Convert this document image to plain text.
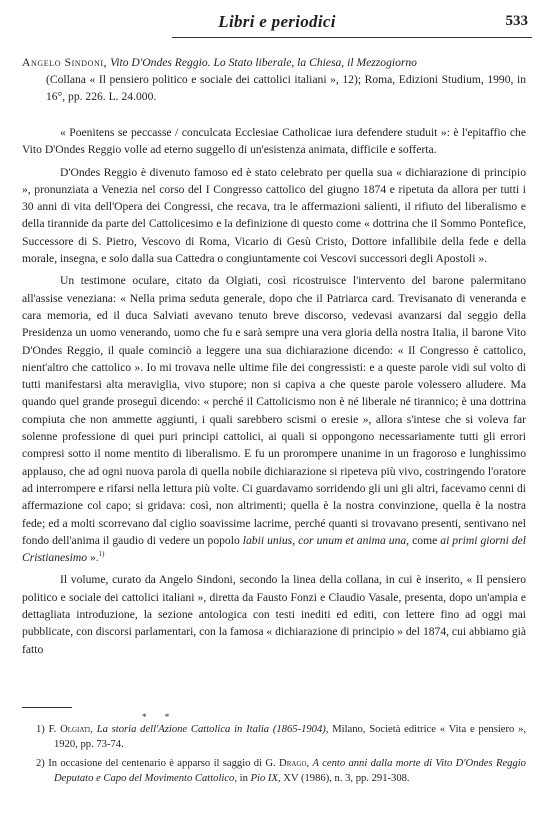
Libri e periodici	533
Angelo Sindoni, Vito D'Ondes Reggio. Lo Stato liberale, la Chiesa, il Mezzogiorno
(Collana « Il pensiero politico e sociale dei cattolici italiani », 12); Roma, Edizioni Studium, 1990, in 16°, pp. 226. L. 24.000.

« Poenitens se peccasse / conculcata Ecclesiae Catholicae iura defendere studuit »: è l'epitaffio che Vito D'Ondes Reggio volle ad eterno suggello di un'esistenza animata, difficile e sofferta.

D'Ondes Reggio è divenuto famoso ed è stato celebrato per quella sua « dichiarazione di principio », pronunziata a Venezia nel corso del I Congresso cattolico del giugno 1874 e ripetuta da allora per tutti i 30 anni di vita dell'Opera dei Congressi, che recava, tra le affermazioni salienti, il rifiuto del liberalismo e della tirannide da parte del Cattolicesimo e la definizione di questo come « dottrina che il Sommo Pontefice, Successore di S. Pietro, Vescovo di Roma, Vicario di Gesù Cristo, Dottore infallibile della fede e della morale, insegna, e solo dalla sua Cattedra o congiuntamente coi Vescovi successori degli Apostoli ».

Un testimone oculare, citato da Olgiati, così ricostruisce l'intervento del barone palermitano all'assise veneziana: « Nella prima seduta generale, dopo che il Patriarca card. Trevisanato di veneranda e cara memoria, ed il duca Salviati avevano tenuto breve discorso, vedevasi avanzarsi dal seggio della Presidenza un uomo venerando, uomo che fu e sarà sempre una vera gloria della nostra Italia, il barone Vito D'Ondes Reggio, il quale cominciò a leggere una sua dichiarazione dicendo: « Il Congresso è cattolico, nient'altro che cattolico ». Io mi trovava nelle ultime file dei congressisti: e a queste parole vidi sul volto di tutti manifestarsi alta meraviglia, vivo stupore; non si capiva a che queste parole volessero alludere. Ma quando quel grande proseguì dicendo: « perché il Cattolicismo non è né liberale né tirannico; è una dottrina compiuta che non ammette aggiunti, i quali sarebbero scismi o eresie », allora s'intese che si voleva far solenne professione di quei puri principi cattolici, ai quali si oppongono necessariamente tutti gli errori compresi sotto il nome mentito di liberalismo. E fu un prorompere unanime in un fragoroso e lunghissimo applauso, che ad ogni nuova parola di quella nobile dichiarazione si ripeteva più vivo, costringendo l'oratore ad interrompere e rifarsi nella lettura più volte. Ci guardavamo sorridendo gli uni gli altri, facevamo cenni di affermazione col capo; si gridava: così, non altrimenti; quella è la nostra convinzione, quella è la nostra fede; ed a molti scorrevano dal ciglio soavissime lacrime, perché quanti si trovavano presenti, sentivano nel fondo dell'anima il gaudio di vedere un popolo labii unius, cor unum et anima una, come ai primi giorni del Cristianesimo ».$^{1)}$

Il volume, curato da Angelo Sindoni, secondo la linea della collana, in cui è inserito, « Il pensiero politico e sociale dei cattolici italiani », diretta da Fausto Fonzi e Claudio Vasale, presenta, dopo un'ampia e dettagliata introduzione, la sezione antologica con testi inediti ed editi, con lettere fino ad oggi mai pubblicate, con discorsi parlamentari, con la famosa « dichiarazione di principio » del 1874, cui abbiamo già fatto

* *

1) F. Olgiati, La storia dell'Azione Cattolica in Italia (1865-1904), Milano, Società editrice « Vita e pensiero », 1920, pp. 73-74.

2) In occasione del centenario è apparso il saggio di G. Drago, A cento anni dalla morte di Vito D'Ondes Reggio Deputato e Capo del Movimento Cattolico, in Pio IX, XV (1986), n. 3, pp. 291-308.
